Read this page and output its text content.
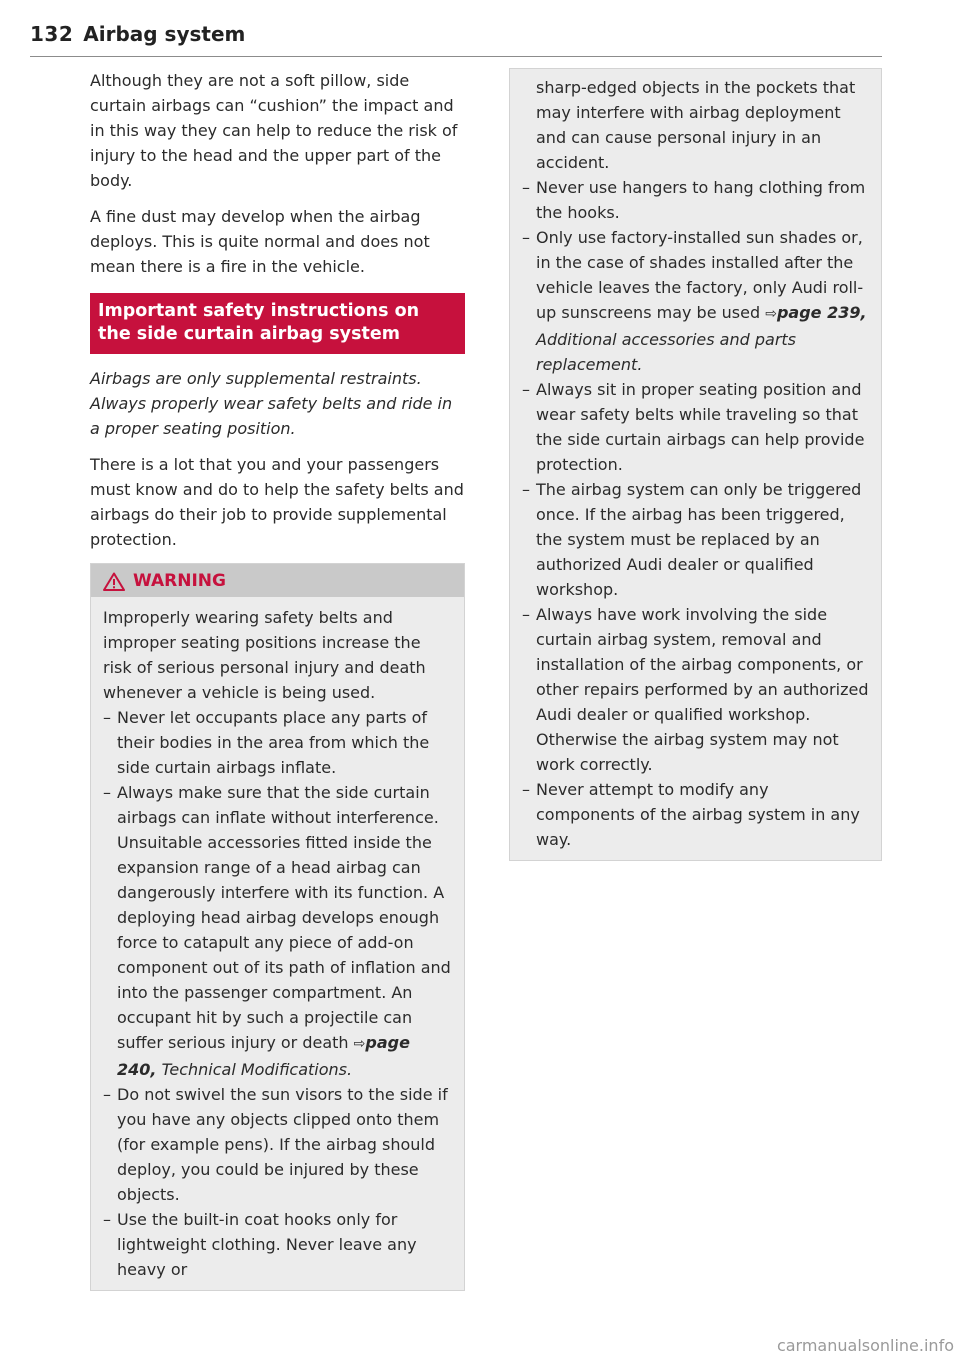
132 Airbag system

Although they are not a soft pillow, side curtain airbags can “cushion” the impact and in this way they can help to reduce the risk of injury to the head and the upper part of the body.

A fine dust may develop when the airbag deploys. This is quite normal and does not mean there is a fire in the vehicle.

Important safety instructions on the side curtain airbag system

Airbags are only supplemental restraints. Always properly wear safety belts and ride in a proper seating position.

There is a lot that you and your passengers must know and do to help the safety belts and airbags do their job to provide supplemental protection.

WARNING

Improperly wearing safety belts and improper seating positions increase the risk of serious personal injury and death whenever a vehicle is being used.

– Never let occupants place any parts of their bodies in the area from which the side curtain airbags inflate.
– Always make sure that the side curtain airbags can inflate without interference. Unsuitable accessories fitted inside the expansion range of a head airbag can dangerously interfere with its function. A deploying head airbag develops enough force to catapult any piece of add-on component out of its path of inflation and into the passenger compartment. An occupant hit by such a projectile can suffer serious injury or death ⇨page 240, Technical Modifications.
– Do not swivel the sun visors to the side if you have any objects clipped onto them (for example pens). If the airbag should deploy, you could be injured by these objects.
– Use the built-in coat hooks only for lightweight clothing. Never leave any heavy or
sharp-edged objects in the pockets that may interfere with airbag deployment and can cause personal injury in an accident.
– Never use hangers to hang clothing from the hooks.
– Only use factory-installed sun shades or, in the case of shades installed after the vehicle leaves the factory, only Audi roll-up sunscreens may be used ⇨page 239, Additional accessories and parts replacement.
– Always sit in proper seating position and wear safety belts while traveling so that the side curtain airbags can help provide protection.
– The airbag system can only be triggered once. If the airbag has been triggered, the system must be replaced by an authorized Audi dealer or qualified workshop.
– Always have work involving the side curtain airbag system, removal and installation of the airbag components, or other repairs performed by an authorized Audi dealer or qualified workshop. Otherwise the airbag system may not work correctly.
– Never attempt to modify any components of the airbag system in any way.
carmanualsonline.info
